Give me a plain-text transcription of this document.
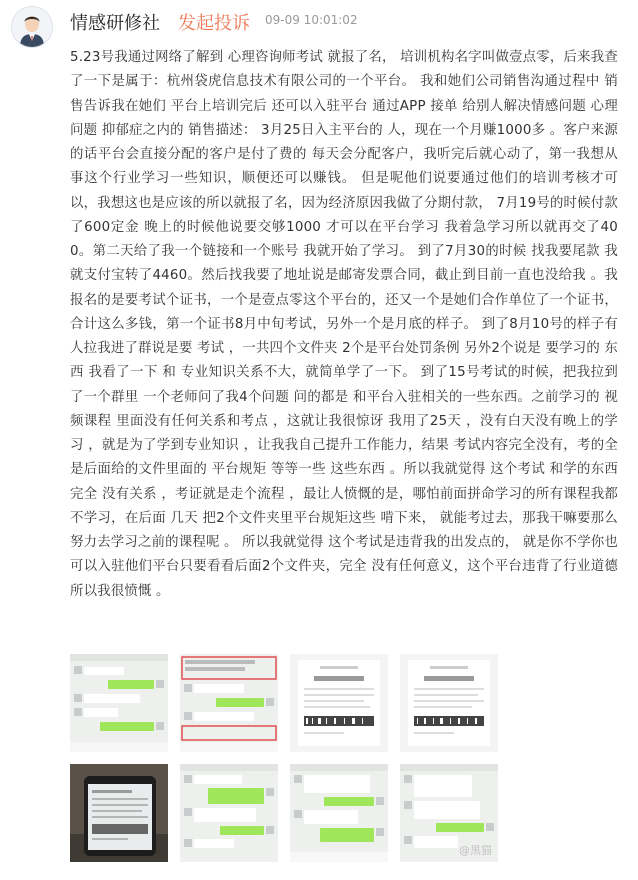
情感研修社 发起投诉 09-09 10:01:02
5.23号我通过网络了解到 心理咨询师考试 就报了名， 培训机构名字叫做壹点零，后来我查了一下是属于：杭州袋虎信息技术有限公司的一个平台。 我和她们公司销售沟通过程中 销售告诉我在她们 平台上培训完后 还可以入驻平台 通过APP 接单 给别人解决情感问题 心理问题 抑郁症之内的 销售描述： 3月25日入主平台的 人，现在一个月赚1000多 。客户来源的话平台会直接分配的客户是付了费的 每天会分配客户，我听完后就心动了，第一我想从事这个行业学习一些知识，顺便还可以赚钱。 但是呢他们说要通过他们的培训考核才可以，我想这也是应该的所以就报了名，因为经济原因我做了分期付款， 7月19号的时候付款了600定金 晚上的时候他说要交够1000 才可以在平台学习 我着急学习所以就再交了400。第二天给了我一个链接和一个账号 我就开始了学习。 到了7月30的时候 找我要尾款 我就支付宝转了4460。然后找我要了地址说是邮寄发票合同，截止到目前一直也没给我 。我报名的是要考试个证书，一个是壹点零这个平台的，还又一个是她们合作单位了一个证书，合计这么多钱，第一个证书8月中旬考试，另外一个是月底的样子。 到了8月10号的样子有人拉我进了群说是要 考试 ，一共四个文件夹 2个是平台处罚条例 另外2个说是 要学习的 东西 我看了一下 和 专业知识关系不大，就简单学了一下。 到了15号考试的时候，把我拉到了一个群里 一个老师问了我4个问题 问的都是 和平台入驻相关的一些东西。之前学习的 视频课程 里面没有任何关系和考点 ，这就让我很惊讶 我用了25天 ，没有白天没有晚上的学习 ，就是为了学到专业知识 ，让我我自己提升工作能力，结果 考试内容完全没有，考的全是后面给的文件里面的 平台规矩 等等一些 这些东西 。所以我就觉得 这个考试 和学的东西 完全 没有关系 ，考证就是走个流程 ，最让人愤慨的是，哪怕前面拼命学习的所有课程我都不学习，在后面 几天 把2个文件夹里平台规矩这些 啃下来， 就能考过去，那我干嘛要那么努力去学习之前的课程呢 。 所以我就觉得 这个考试是违背我的出发点的， 就是你不学你也可以入驻他们平台只要看看后面2个文件夹，完全 没有任何意义，这个平台违背了行业道德 所以我很愤慨 。
@黑猫
